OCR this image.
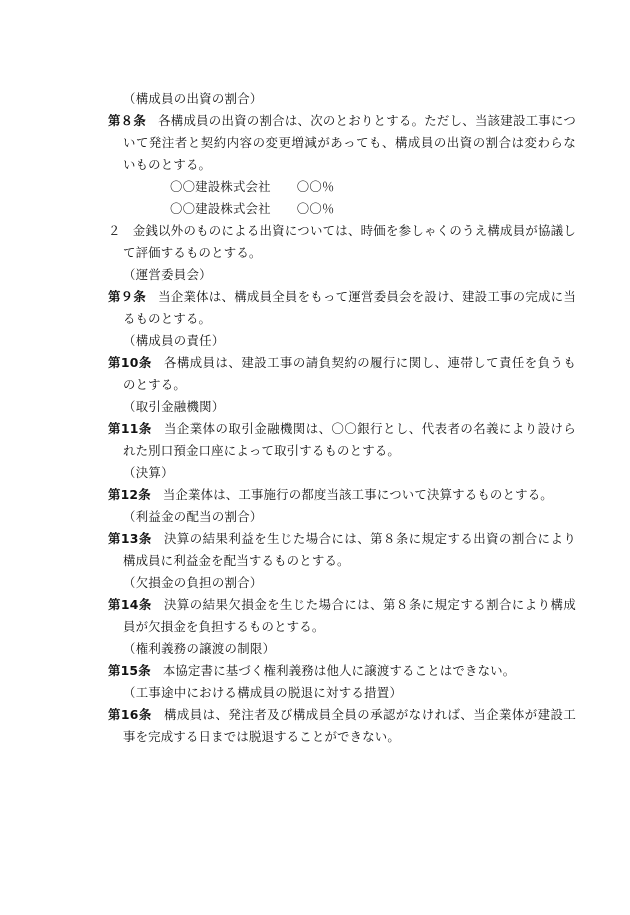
（構成員の出資の割合）
第８条 各構成員の出資の割合は、次のとおりとする。ただし、当該建設工事について発注者と契約内容の変更増減があっても、構成員の出資の割合は変わらないものとする。
〇〇建設株式会社 〇〇％
〇〇建設株式会社 〇〇％
２ 金銭以外のものによる出資については、時価を参しゃくのうえ構成員が協議して評価するものとする。
（運営委員会）
第９条 当企業体は、構成員全員をもって運営委員会を設け、建設工事の完成に当るものとする。
（構成員の責任）
第10条 各構成員は、建設工事の請負契約の履行に関し、連帯して責任を負うものとする。
（取引金融機関）
第11条 当企業体の取引金融機関は、〇〇銀行とし、代表者の名義により設けられた別口預金口座によって取引するものとする。
（決算）
第12条 当企業体は、工事施行の都度当該工事について決算するものとする。
（利益金の配当の割合）
第13条 決算の結果利益を生じた場合には、第８条に規定する出資の割合により構成員に利益金を配当するものとする。
（欠損金の負担の割合）
第14条 決算の結果欠損金を生じた場合には、第８条に規定する割合により構成員が欠損金を負担するものとする。
（権利義務の譲渡の制限）
第15条 本協定書に基づく権利義務は他人に譲渡することはできない。
（工事途中における構成員の脱退に対する措置）
第16条 構成員は、発注者及び構成員全員の承認がなければ、当企業体が建設工事を完成する日までは脱退することができない。
